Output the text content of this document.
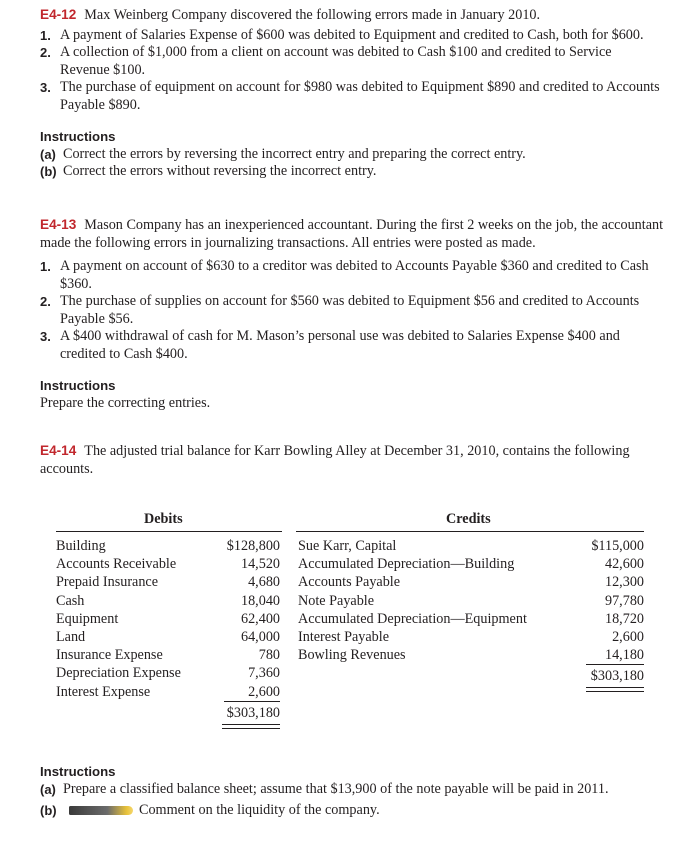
E4-12 Max Weinberg Company discovered the following errors made in January 2010.
1. A payment of Salaries Expense of $600 was debited to Equipment and credited to Cash, both for $600.
2. A collection of $1,000 from a client on account was debited to Cash $100 and credited to Service Revenue $100.
3. The purchase of equipment on account for $980 was debited to Equipment $890 and credited to Accounts Payable $890.
Instructions
(a) Correct the errors by reversing the incorrect entry and preparing the correct entry.
(b) Correct the errors without reversing the incorrect entry.
E4-13 Mason Company has an inexperienced accountant. During the first 2 weeks on the job, the accountant made the following errors in journalizing transactions. All entries were posted as made.
1. A payment on account of $630 to a creditor was debited to Accounts Payable $360 and credited to Cash $360.
2. The purchase of supplies on account for $560 was debited to Equipment $56 and credited to Accounts Payable $56.
3. A $400 withdrawal of cash for M. Mason’s personal use was debited to Salaries Expense $400 and credited to Cash $400.
Instructions
Prepare the correcting entries.
E4-14 The adjusted trial balance for Karr Bowling Alley at December 31, 2010, contains the following accounts.
Debits	Credits
Building
Accounts Receivable
Prepaid Insurance
Cash
Equipment
Land
Insurance Expense
Depreciation Expense
Interest Expense
$128,800
14,520
4,680
18,040
62,400
64,000
780
7,360
2,600
$303,180
Sue Karr, Capital
Accumulated Depreciation—Building
Accounts Payable
Note Payable
Accumulated Depreciation—Equipment
Interest Payable
Bowling Revenues
$115,000
42,600
12,300
97,780
18,720
2,600
14,180
$303,180
Instructions
(a) Prepare a classified balance sheet; assume that $13,900 of the note payable will be paid in 2011.
(b)	Comment on the liquidity of the company.
